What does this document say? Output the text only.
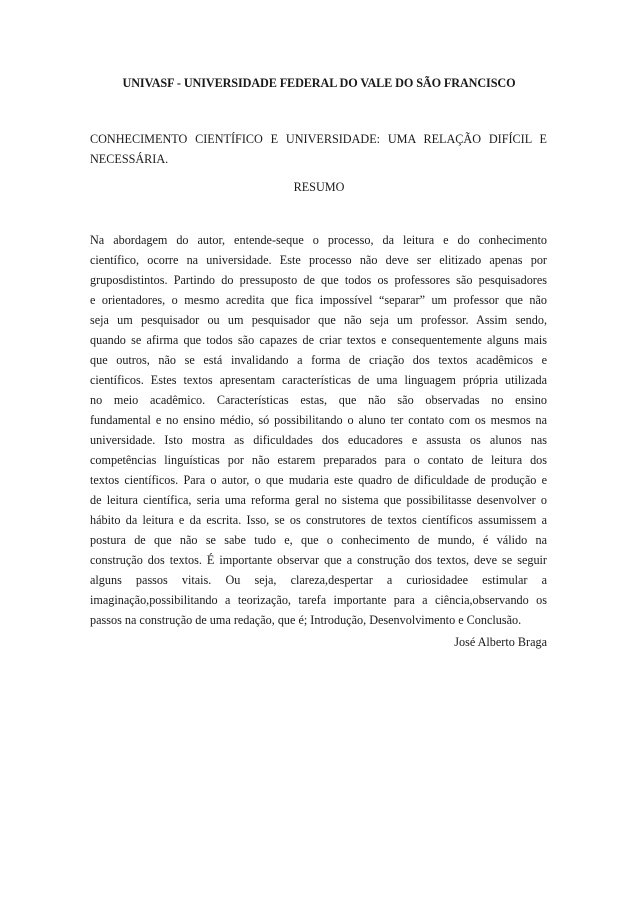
UNIVASF - UNIVERSIDADE FEDERAL DO VALE DO SÃO FRANCISCO
CONHECIMENTO CIENTÍFICO E UNIVERSIDADE: UMA RELAÇÃO DIFÍCIL E
NECESSÁRIA.
RESUMO
Na abordagem do autor, entende-seque o processo, da leitura e do conhecimento
científico, ocorre na universidade. Este processo não deve ser elitizado apenas por
gruposdistintos. Partindo do pressuposto de que todos os professores são pesquisadores
e orientadores, o mesmo acredita que fica impossível “separar” um professor que não
seja um pesquisador ou um pesquisador que não seja um professor. Assim sendo,
quando se afirma que todos são capazes de criar textos e consequentemente alguns mais
que outros, não se está invalidando a forma de criação dos textos acadêmicos e
científicos. Estes textos apresentam características de uma linguagem própria utilizada
no meio acadêmico. Características estas, que não são observadas no ensino
fundamental e no ensino médio, só possibilitando o aluno ter contato com os mesmos na
universidade. Isto mostra as dificuldades dos educadores e assusta os alunos nas
competências linguísticas por não estarem preparados para o contato de leitura dos
textos científicos. Para o autor, o que mudaria este quadro de dificuldade de produção e
de leitura científica, seria uma reforma geral no sistema que possibilitasse desenvolver o
hábito da leitura e da escrita. Isso, se os construtores de textos científicos assumissem a
postura de que não se sabe tudo e, que o conhecimento de mundo, é válido na
construção dos textos. É importante observar que a construção dos textos, deve se seguir
alguns passos vitais. Ou seja, clareza,despertar a curiosidadee estimular a
imaginação,possibilitando a teorização, tarefa importante para a ciência,observando os
passos na construção de uma redação, que é; Introdução, Desenvolvimento e Conclusão.
José Alberto Braga
